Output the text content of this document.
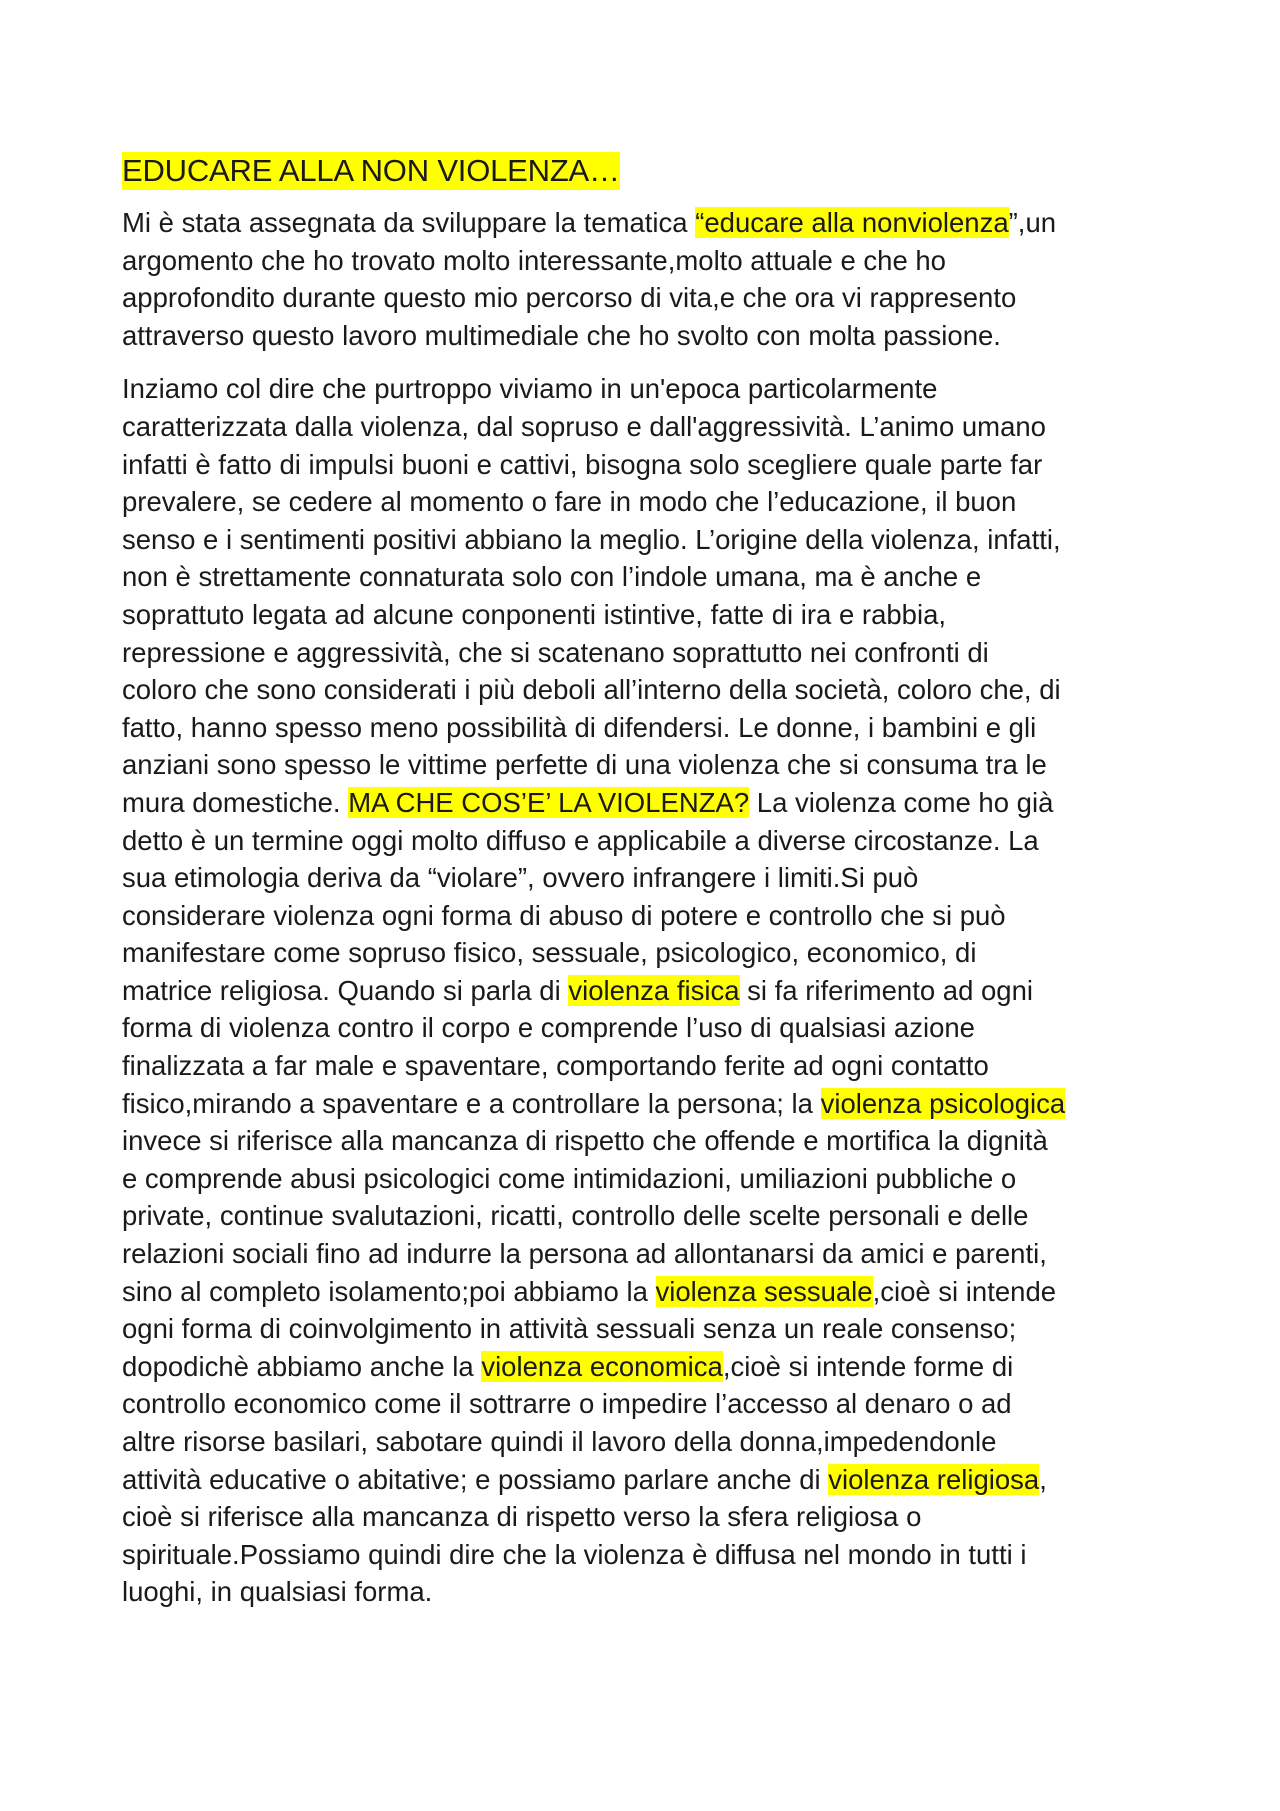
EDUCARE ALLA NON VIOLENZA…

Mi è stata assegnata da sviluppare la tematica “educare alla nonviolenza”,un
argomento che ho trovato molto interessante,molto attuale e che ho
approfondito durante questo mio percorso di vita,e che ora vi rappresento
attraverso questo lavoro multimediale che ho svolto con molta passione.

Inziamo col dire che purtroppo viviamo in un'epoca particolarmente
caratterizzata dalla violenza, dal sopruso e dall'aggressività. L’animo umano
infatti è fatto di impulsi buoni e cattivi, bisogna solo scegliere quale parte far
prevalere, se cedere al momento o fare in modo che l’educazione, il buon
senso e i sentimenti positivi abbiano la meglio. L’origine della violenza, infatti,
non è strettamente connaturata solo con l’indole umana, ma è anche e
soprattuto legata ad alcune conponenti istintive, fatte di ira e rabbia,
repressione e aggressività, che si scatenano soprattutto nei confronti di
coloro che sono considerati i più deboli all’interno della società, coloro che, di
fatto, hanno spesso meno possibilità di difendersi. Le donne, i bambini e gli
anziani sono spesso le vittime perfette di una violenza che si consuma tra le
mura domestiche. MA CHE COS’E’ LA VIOLENZA? La violenza come ho già
detto è un termine oggi molto diffuso e applicabile a diverse circostanze. La
sua etimologia deriva da “violare”, ovvero infrangere i limiti.Si può
considerare violenza ogni forma di abuso di potere e controllo che si può
manifestare come sopruso fisico, sessuale, psicologico, economico, di
matrice religiosa. Quando si parla di violenza fisica si fa riferimento ad ogni
forma di violenza contro il corpo e comprende l’uso di qualsiasi azione
finalizzata a far male e spaventare, comportando ferite ad ogni contatto
fisico,mirando a spaventare e a controllare la persona; la violenza psicologica
invece si riferisce alla mancanza di rispetto che offende e mortifica la dignità
e comprende abusi psicologici come intimidazioni, umiliazioni pubbliche o
private, continue svalutazioni, ricatti, controllo delle scelte personali e delle
relazioni sociali fino ad indurre la persona ad allontanarsi da amici e parenti,
sino al completo isolamento;poi abbiamo la violenza sessuale,cioè si intende
ogni forma di coinvolgimento in attività sessuali senza un reale consenso;
dopodichè abbiamo anche la violenza economica,cioè si intende forme di
controllo economico come il sottrarre o impedire l’accesso al denaro o ad
altre risorse basilari, sabotare quindi il lavoro della donna,impedendonle
attività educative o abitative; e possiamo parlare anche di violenza religiosa,
cioè si riferisce alla mancanza di rispetto verso la sfera religiosa o
spirituale.Possiamo quindi dire che la violenza è diffusa nel mondo in tutti i
luoghi, in qualsiasi forma.
